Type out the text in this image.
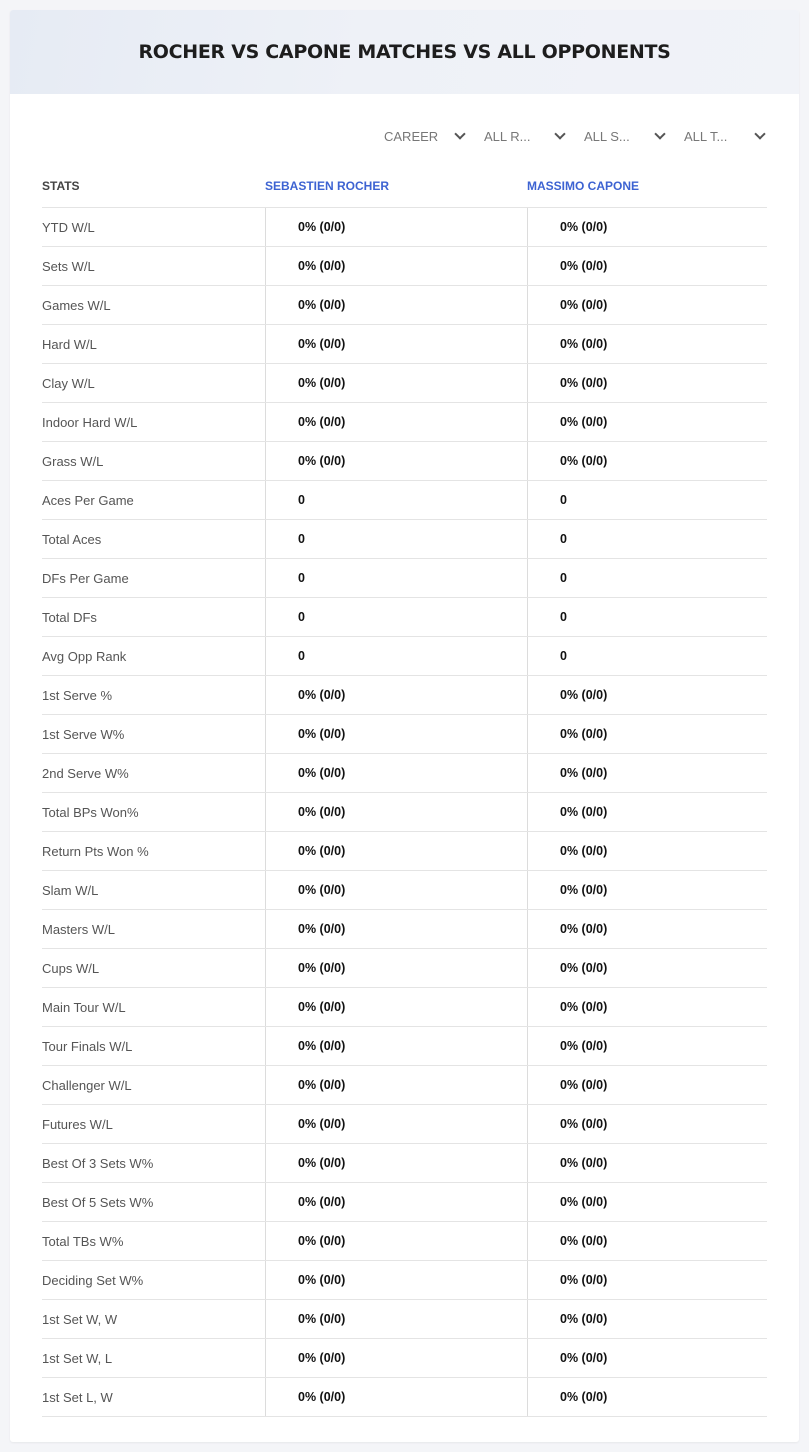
ROCHER VS CAPONE MATCHES VS ALL OPPONENTS
CAREER	ALL R...	ALL S...	ALL T...
STATS	SEBASTIEN ROCHER	MASSIMO CAPONE
YTD W/L	0% (0/0)	0% (0/0)
Sets W/L	0% (0/0)	0% (0/0)
Games W/L	0% (0/0)	0% (0/0)
Hard W/L	0% (0/0)	0% (0/0)
Clay W/L	0% (0/0)	0% (0/0)
Indoor Hard W/L	0% (0/0)	0% (0/0)
Grass W/L	0% (0/0)	0% (0/0)
Aces Per Game	0	0
Total Aces	0	0
DFs Per Game	0	0
Total DFs	0	0
Avg Opp Rank	0	0
1st Serve %	0% (0/0)	0% (0/0)
1st Serve W%	0% (0/0)	0% (0/0)
2nd Serve W%	0% (0/0)	0% (0/0)
Total BPs Won%	0% (0/0)	0% (0/0)
Return Pts Won %	0% (0/0)	0% (0/0)
Slam W/L	0% (0/0)	0% (0/0)
Masters W/L	0% (0/0)	0% (0/0)
Cups W/L	0% (0/0)	0% (0/0)
Main Tour W/L	0% (0/0)	0% (0/0)
Tour Finals W/L	0% (0/0)	0% (0/0)
Challenger W/L	0% (0/0)	0% (0/0)
Futures W/L	0% (0/0)	0% (0/0)
Best Of 3 Sets W%	0% (0/0)	0% (0/0)
Best Of 5 Sets W%	0% (0/0)	0% (0/0)
Total TBs W%	0% (0/0)	0% (0/0)
Deciding Set W%	0% (0/0)	0% (0/0)
1st Set W, W	0% (0/0)	0% (0/0)
1st Set W, L	0% (0/0)	0% (0/0)
1st Set L, W	0% (0/0)	0% (0/0)
